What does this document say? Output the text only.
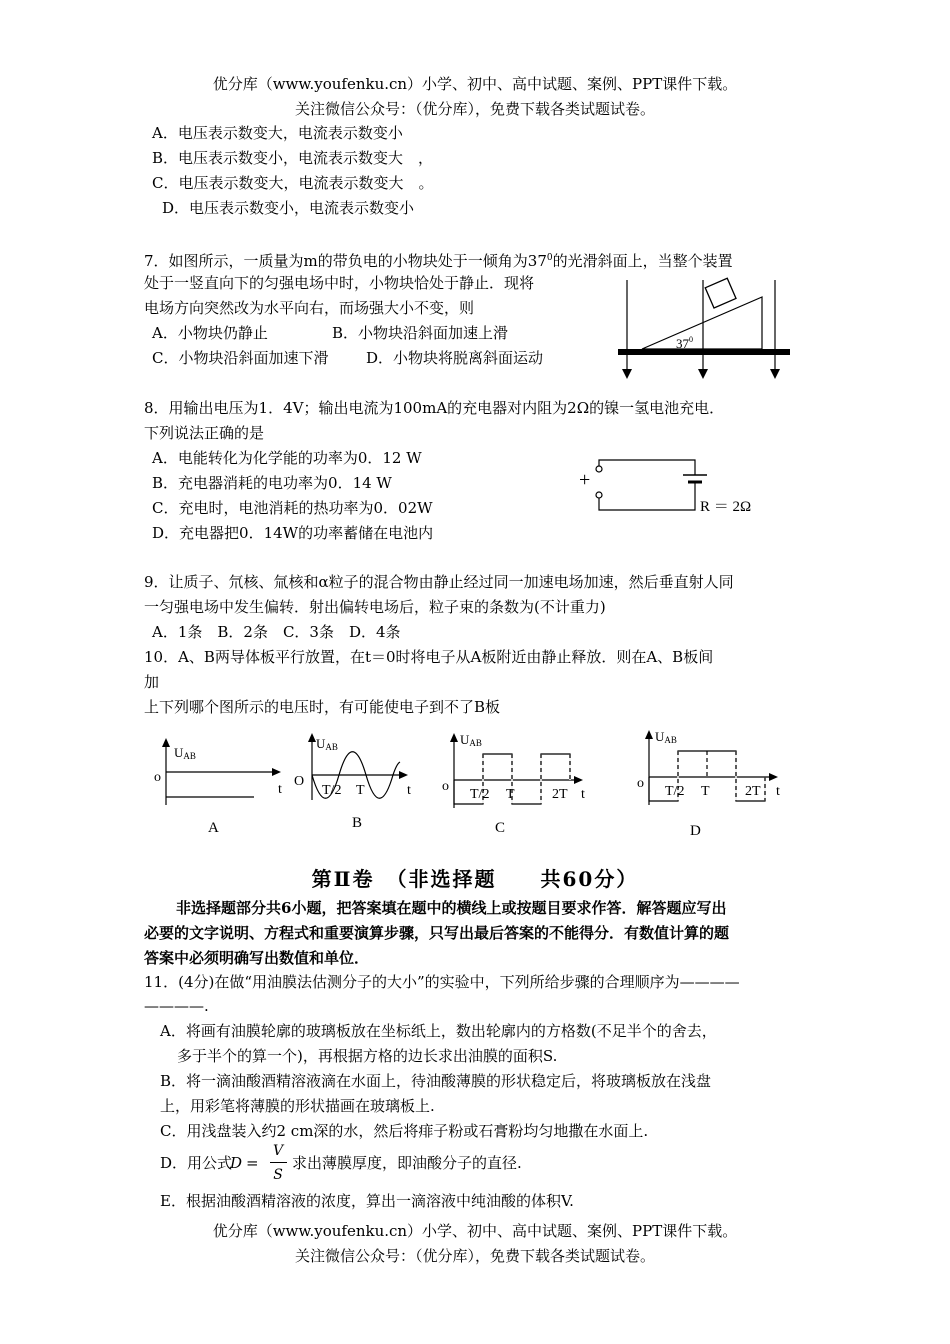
优分库（www.youfenku.cn）小学、初中、高中试题、案例、PPT课件下载。
关注微信公众号：（优分库），免费下载各类试题试卷。
A．电压表示数变大，电流表示数变小
B．电压表示数变小，电流表示数变大　，
C．电压表示数变大，电流表示数变大　。
D．电压表示数变小，电流表示数变小
7．如图所示，一质量为m的带负电的小物块处于一倾角为$37^0$的光滑斜面上，当整个装置
处于一竖直向下的匀强电场中时，小物块恰处于静止．现将
电场方向突然改为水平向右，而场强大小不变，则
A．小物块仍静止	B．小物块沿斜面加速上滑
C．小物块沿斜面加速下滑	D．小物块将脱离斜面运动
$37^0$
8．用输出电压为1．4V；输出电流为100mA的充电器对内阻为2Ω的镍一氢电池充电．
下列说法正确的是
A．电能转化为化学能的功率为0．12 W
B．充电器消耗的电功率为0．14 W
C．充电时，电池消耗的热功率为0．02W
D．充电器把0．14W的功率蓄储在电池内
+
R ＝ 2Ω
9．让质子、氘核、氚核和α粒子的混合物由静止经过同一加速电场加速，然后垂直射人同
一匀强电场中发生偏转．射出偏转电场后，粒子束的条数为(不计重力)
A．1条　B．2条　C．3条　D．4条
10．A、B两导体板平行放置，在t＝0时将电子从A板附近由静止释放．则在A、B板间
加
上下列哪个图所示的电压时，有可能使电子到不了B板
UAB
o
t
A
UAB
O
T/2 T	t
B
UAB
o
T/2 T	2T t
C
UAB
o
T/2 T	2T t
D
第Ⅱ卷　（非选择题　　共60分）
非选择题部分共6小题，把答案填在题中的横线上或按题目要求作答．解答题应写出
必要的文字说明、方程式和重要演算步骤，只写出最后答案的不能得分．有数值计算的题
答案中必须明确写出数值和单位．
11．(4分)在做“用油膜法估测分子的大小”的实验中，下列所给步骤的合理顺序为————
————.
A．将画有油膜轮廓的玻璃板放在坐标纸上，数出轮廓内的方格数(不足半个的舍去，
多于半个的算一个)，再根据方格的边长求出油膜的面积S.
B．将一滴油酸酒精溶液滴在水面上，待油酸薄膜的形状稳定后，将玻璃板放在浅盘
上，用彩笔将薄膜的形状描画在玻璃板上.
C．用浅盘装入约2 cm深的水，然后将痱子粉或石膏粉均匀地撒在水面上.
D．用公式
D =
V
S
求出薄膜厚度，即油酸分子的直径.
E．根据油酸酒精溶液的浓度，算出一滴溶液中纯油酸的体积V.
优分库（www.youfenku.cn）小学、初中、高中试题、案例、PPT课件下载。
关注微信公众号：（优分库），免费下载各类试题试卷。
